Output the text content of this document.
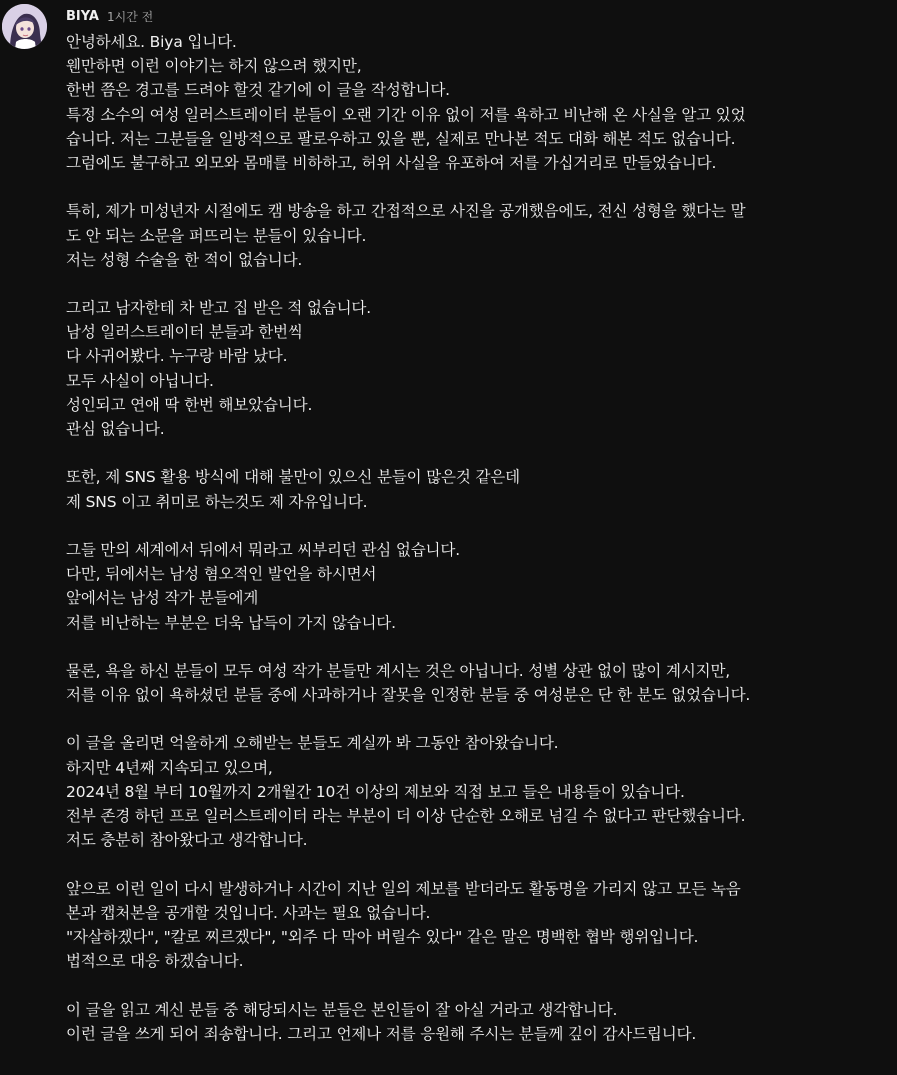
BIYA 1시간 전
안녕하세요. Biya 입니다.
웬만하면 이런 이야기는 하지 않으려 했지만,
한번 쯤은 경고를 드려야 할것 같기에 이 글을 작성합니다.
특정 소수의 여성 일러스트레이터 분들이 오랜 기간 이유 없이 저를 욕하고 비난해 온 사실을 알고 있었
습니다. 저는 그분들을 일방적으로 팔로우하고 있을 뿐, 실제로 만나본 적도 대화 해본 적도 없습니다.
그럼에도 불구하고 외모와 몸매를 비하하고, 허위 사실을 유포하여 저를 가십거리로 만들었습니다.
특히, 제가 미성년자 시절에도 캠 방송을 하고 간접적으로 사진을 공개했음에도, 전신 성형을 했다는 말
도 안 되는 소문을 퍼뜨리는 분들이 있습니다.
저는 성형 수술을 한 적이 없습니다.
그리고 남자한테 차 받고 집 받은 적 없습니다.
남성 일러스트레이터 분들과 한번씩
다 사귀어봤다. 누구랑 바람 났다.
모두 사실이 아닙니다.
성인되고 연애 딱 한번 해보았습니다.
관심 없습니다.
또한, 제 SNS 활용 방식에 대해 불만이 있으신 분들이 많은것 같은데
제 SNS 이고 취미로 하는것도 제 자유입니다.
그들 만의 세계에서 뒤에서 뭐라고 씨부리던 관심 없습니다.
다만, 뒤에서는 남성 혐오적인 발언을 하시면서
앞에서는 남성 작가 분들에게
저를 비난하는 부분은 더욱 납득이 가지 않습니다.
물론, 욕을 하신 분들이 모두 여성 작가 분들만 계시는 것은 아닙니다. 성별 상관 없이 많이 계시지만,
저를 이유 없이 욕하셨던 분들 중에 사과하거나 잘못을 인정한 분들 중 여성분은 단 한 분도 없었습니다.
이 글을 올리면 억울하게 오해받는 분들도 계실까 봐 그동안 참아왔습니다.
하지만 4년째 지속되고 있으며,
2024년 8월 부터 10월까지 2개월간 10건 이상의 제보와 직접 보고 들은 내용들이 있습니다.
전부 존경 하던 프로 일러스트레이터 라는 부분이 더 이상 단순한 오해로 넘길 수 없다고 판단했습니다.
저도 충분히 참아왔다고 생각합니다.
앞으로 이런 일이 다시 발생하거나 시간이 지난 일의 제보를 받더라도 활동명을 가리지 않고 모든 녹음
본과 캡처본을 공개할 것입니다. 사과는 필요 없습니다.
"자살하겠다", "칼로 찌르겠다", "외주 다 막아 버릴수 있다" 같은 말은 명백한 협박 행위입니다.
법적으로 대응 하겠습니다.
이 글을 읽고 계신 분들 중 해당되시는 분들은 본인들이 잘 아실 거라고 생각합니다.
이런 글을 쓰게 되어 죄송합니다. 그리고 언제나 저를 응원해 주시는 분들께 깊이 감사드립니다.
